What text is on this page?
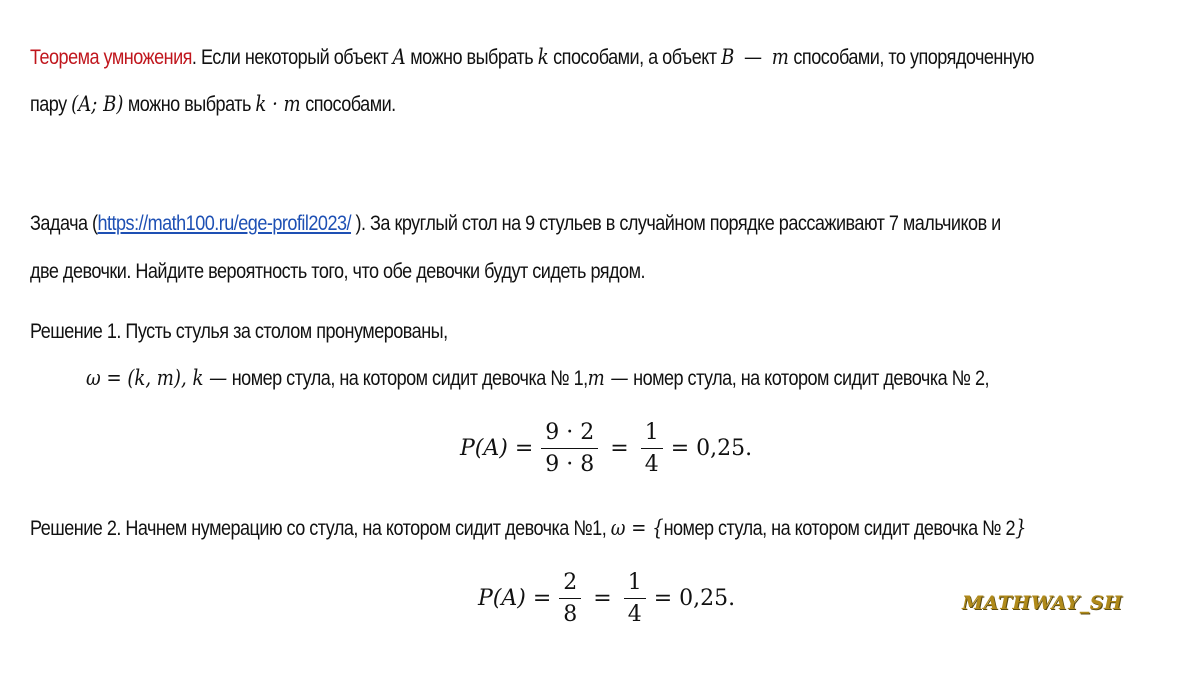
Теорема умножения. Если некоторый объект A можно выбрать k способами, а объект B — m способами, то упорядоченную
пару (A; B) можно выбрать k · m способами.
Задача (https://math100.ru/ege-profil2023/ ). За круглый стол на 9 стульев в случайном порядке рассаживают 7 мальчиков и
две девочки. Найдите вероятность того, что обе девочки будут сидеть рядом.
Решение 1. Пусть стулья за столом пронумерованы,
ω = (k, m), k — номер стула, на котором сидит девочка № 1,m — номер стула, на котором сидит девочка № 2,
$P(A) = \frac{9 \cdot 2}{9 \cdot 8} = \frac{1}{4} = 0,25$.
Решение 2. Начнем нумерацию со стула, на котором сидит девочка №1, ω = {номер стула, на котором сидит девочка № 2}
$P(A) = \frac{2}{8} = \frac{1}{4} = 0,25$.	MATHWAY_SH
